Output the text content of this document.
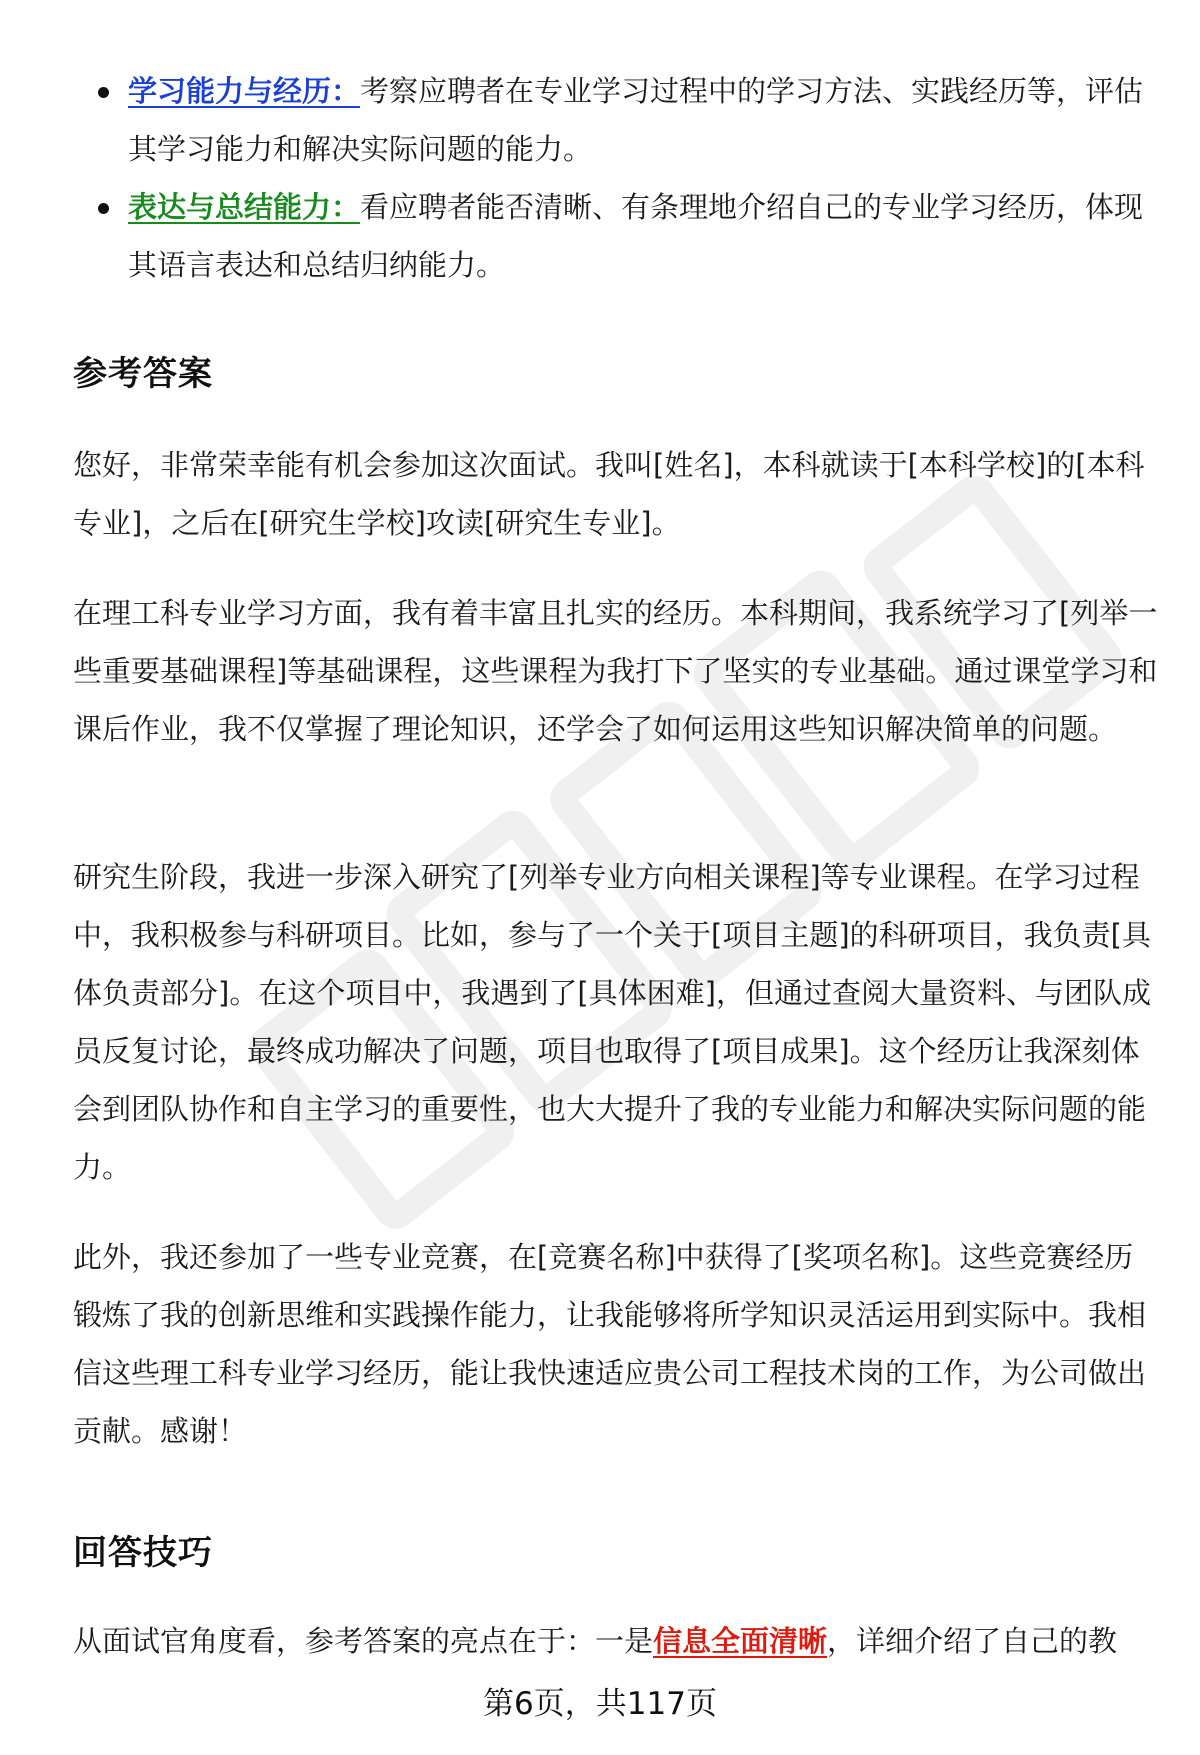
学习能力与经历：考察应聘者在专业学习过程中的学习方法、实践经历等，评估其学习能力和解决实际问题的能力。
表达与总结能力：看应聘者能否清晰、有条理地介绍自己的专业学习经历，体现其语言表达和总结归纳能力。
参考答案

您好，非常荣幸能有机会参加这次面试。我叫[姓名]，本科就读于[本科学校]的[本科专业]，之后在[研究生学校]攻读[研究生专业]。

在理工科专业学习方面，我有着丰富且扎实的经历。本科期间，我系统学习了[列举一些重要基础课程]等基础课程，这些课程为我打下了坚实的专业基础。通过课堂学习和课后作业，我不仅掌握了理论知识，还学会了如何运用这些知识解决简单的问题。

研究生阶段，我进一步深入研究了[列举专业方向相关课程]等专业课程。在学习过程中，我积极参与科研项目。比如，参与了一个关于[项目主题]的科研项目，我负责[具体负责部分]。在这个项目中，我遇到了[具体困难]，但通过查阅大量资料、与团队成员反复讨论，最终成功解决了问题，项目也取得了[项目成果]。这个经历让我深刻体会到团队协作和自主学习的重要性，也大大提升了我的专业能力和解决实际问题的能力。

此外，我还参加了一些专业竞赛，在[竞赛名称]中获得了[奖项名称]。这些竞赛经历锻炼了我的创新思维和实践操作能力，让我能够将所学知识灵活运用到实际中。我相信这些理工科专业学习经历，能让我快速适应贵公司工程技术岗的工作，为公司做出贡献。感谢！

回答技巧

从面试官角度看，参考答案的亮点在于：一是信息全面清晰，详细介绍了自己的教

第6页，共117页
